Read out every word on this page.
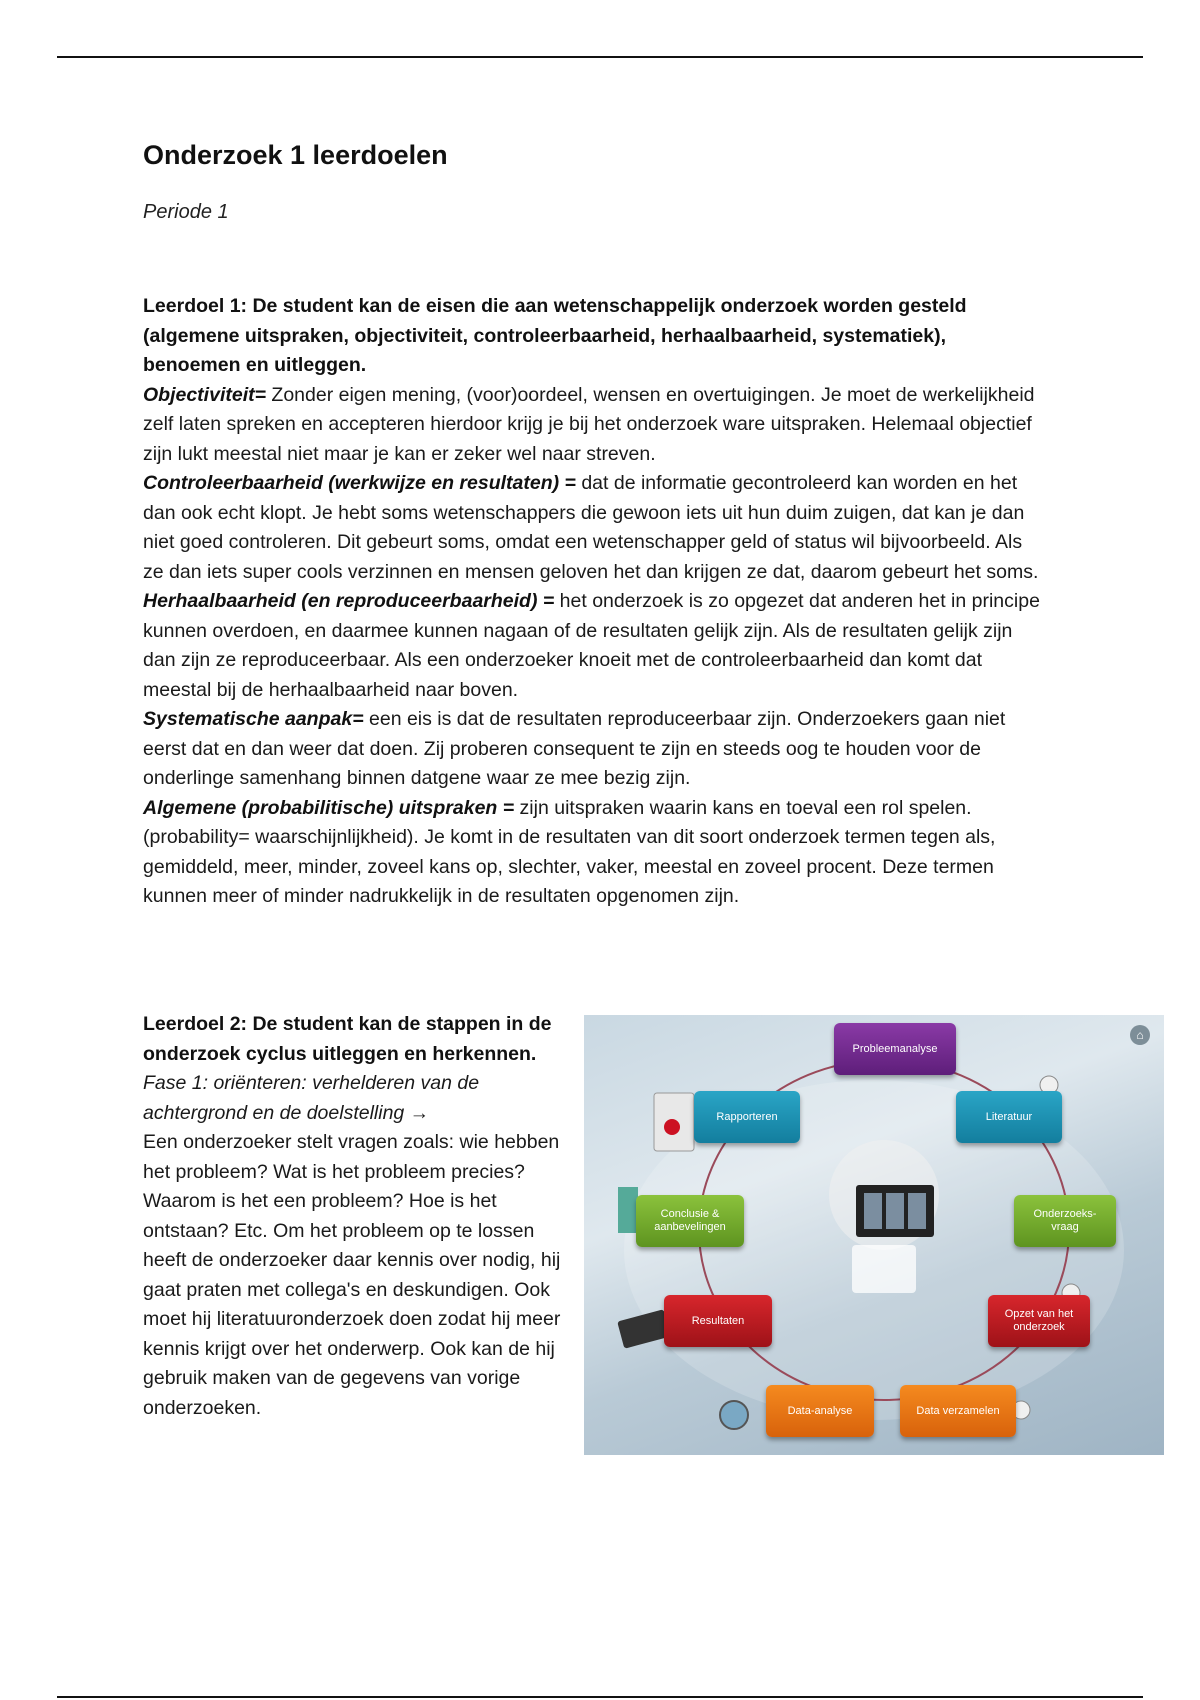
Onderzoek 1 leerdoelen

Periode 1

Leerdoel 1: De student kan de eisen die aan wetenschappelijk onderzoek worden gesteld (algemene uitspraken, objectiviteit, controleerbaarheid, herhaalbaarheid, systematiek), benoemen en uitleggen.

Objectiviteit= Zonder eigen mening, (voor)oordeel, wensen en overtuigingen. Je moet de werkelijkheid zelf laten spreken en accepteren hierdoor krijg je bij het onderzoek ware uitspraken. Helemaal objectief zijn lukt meestal niet maar je kan er zeker wel naar streven.

Controleerbaarheid (werkwijze en resultaten) = dat de informatie gecontroleerd kan worden en het dan ook echt klopt. Je hebt soms wetenschappers die gewoon iets uit hun duim zuigen, dat kan je dan niet goed controleren. Dit gebeurt soms, omdat een wetenschapper geld of status wil bijvoorbeeld. Als ze dan iets super cools verzinnen en mensen geloven het dan krijgen ze dat, daarom gebeurt het soms.

Herhaalbaarheid (en reproduceerbaarheid) = het onderzoek is zo opgezet dat anderen het in principe kunnen overdoen, en daarmee kunnen nagaan of de resultaten gelijk zijn. Als de resultaten gelijk zijn dan zijn ze reproduceerbaar. Als een onderzoeker knoeit met de controleerbaarheid dan komt dat meestal bij de herhaalbaarheid naar boven.

Systematische aanpak= een eis is dat de resultaten reproduceerbaar zijn. Onderzoekers gaan niet eerst dat en dan weer dat doen. Zij proberen consequent te zijn en steeds oog te houden voor de onderlinge samenhang binnen datgene waar ze mee bezig zijn.

Algemene (probabilitische) uitspraken = zijn uitspraken waarin kans en toeval een rol spelen. (probability= waarschijnlijkheid). Je komt in de resultaten van dit soort onderzoek termen tegen als, gemiddeld, meer, minder, zoveel kans op, slechter, vaker, meestal en zoveel procent. Deze termen kunnen meer of minder nadrukkelijk in de resultaten opgenomen zijn.

Leerdoel 2: De student kan de stappen in de onderzoek cyclus uitleggen en herkennen.

Fase 1: oriënteren: verhelderen van de achtergrond en de doelstelling →

Een onderzoeker stelt vragen zoals: wie hebben het probleem? Wat is het probleem precies? Waarom is het een probleem? Hoe is het ontstaan? Etc. Om het probleem op te lossen heeft de onderzoeker daar kennis over nodig, hij gaat praten met collega's en deskundigen. Ook moet hij literatuuronderzoek doen zodat hij meer kennis krijgt over het onderwerp. Ook kan de hij gebruik maken van de gegevens van vorige onderzoeken.

⌂
Probleemanalyse
Literatuur
Onderzoeks-
vraag
Opzet van het
onderzoek
Data verzamelen
Data-analyse
Resultaten
Conclusie &
aanbevelingen
Rapporteren
